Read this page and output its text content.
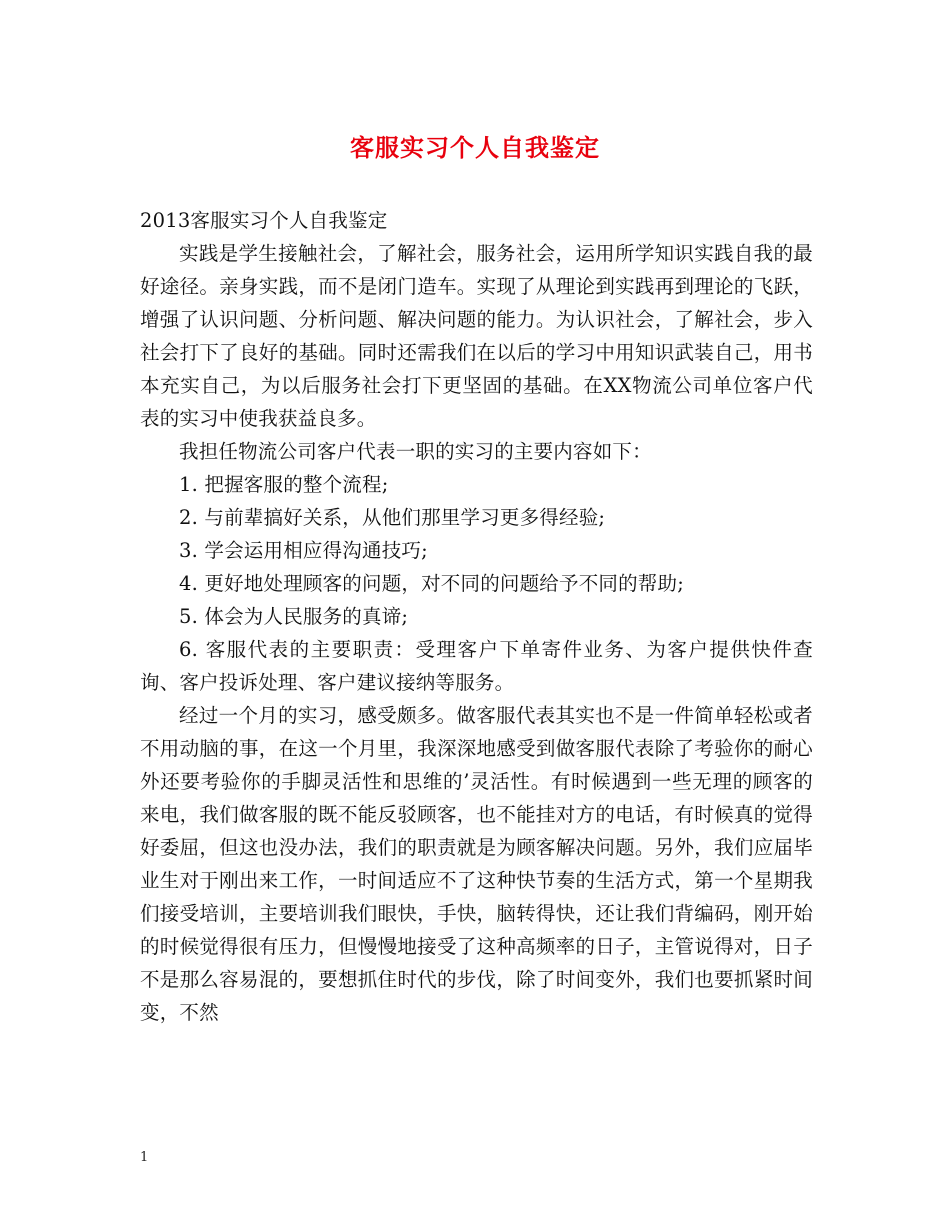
客服实习个人自我鉴定

2013客服实习个人自我鉴定

实践是学生接触社会，了解社会，服务社会，运用所学知识实践自我的最好途径。亲身实践，而不是闭门造车。实现了从理论到实践再到理论的飞跃，增强了认识问题、分析问题、解决问题的能力。为认识社会，了解社会，步入社会打下了良好的基础。同时还需我们在以后的学习中用知识武装自己，用书本充实自己，为以后服务社会打下更坚固的基础。在XX物流公司单位客户代表的实习中使我获益良多。

我担任物流公司客户代表一职的实习的主要内容如下：

1. 把握客服的整个流程;

2. 与前辈搞好关系，从他们那里学习更多得经验;

3. 学会运用相应得沟通技巧;

4. 更好地处理顾客的问题，对不同的问题给予不同的帮助;

5. 体会为人民服务的真谛;

6. 客服代表的主要职责：受理客户下单寄件业务、为客户提供快件查询、客户投诉处理、客户建议接纳等服务。

经过一个月的实习，感受颇多。做客服代表其实也不是一件简单轻松或者不用动脑的事，在这一个月里，我深深地感受到做客服代表除了考验你的耐心外还要考验你的手脚灵活性和思维的’灵活性。有时候遇到一些无理的顾客的来电，我们做客服的既不能反驳顾客，也不能挂对方的电话，有时候真的觉得好委屈，但这也没办法，我们的职责就是为顾客解决问题。另外，我们应届毕业生对于刚出来工作，一时间适应不了这种快节奏的生活方式，第一个星期我们接受培训，主要培训我们眼快，手快，脑转得快，还让我们背编码，刚开始的时候觉得很有压力，但慢慢地接受了这种高频率的日子，主管说得对，日子不是那么容易混的，要想抓住时代的步伐，除了时间变外，我们也要抓紧时间变，不然

1
